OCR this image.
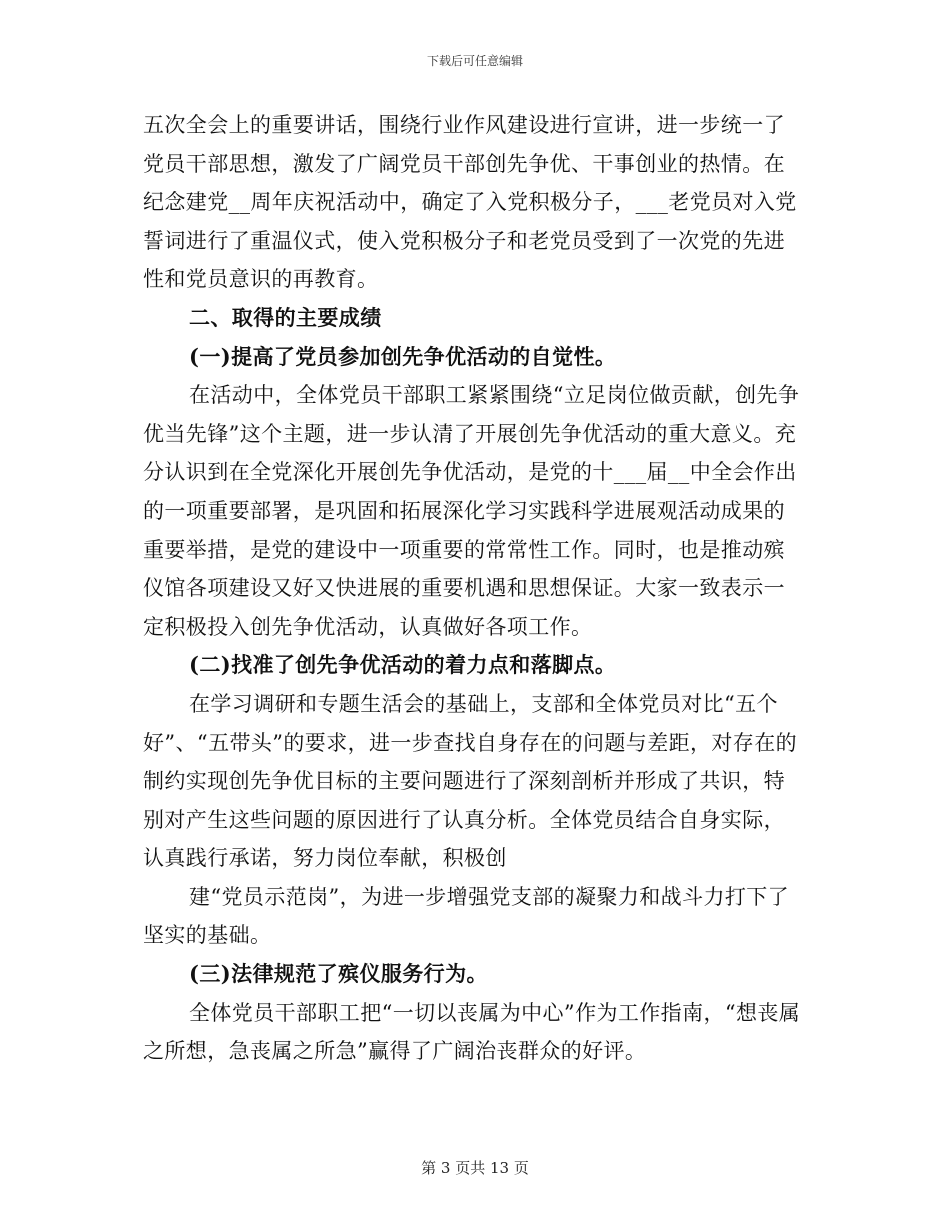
下载后可任意编辑

五次全会上的重要讲话，围绕行业作风建设进行宣讲，进一步统一了党员干部思想，激发了广阔党员干部创先争优、干事创业的热情。在纪念建党__周年庆祝活动中，确定了入党积极分子，___老党员对入党誓词进行了重温仪式，使入党积极分子和老党员受到了一次党的先进性和党员意识的再教育。

二、取得的主要成绩

(一)提高了党员参加创先争优活动的自觉性。

在活动中，全体党员干部职工紧紧围绕“立足岗位做贡献，创先争优当先锋”这个主题，进一步认清了开展创先争优活动的重大意义。充分认识到在全党深化开展创先争优活动，是党的十___届__中全会作出的一项重要部署，是巩固和拓展深化学习实践科学进展观活动成果的重要举措，是党的建设中一项重要的常常性工作。同时，也是推动殡仪馆各项建设又好又快进展的重要机遇和思想保证。大家一致表示一定积极投入创先争优活动，认真做好各项工作。

(二)找准了创先争优活动的着力点和落脚点。

在学习调研和专题生活会的基础上，支部和全体党员对比“五个好”、“五带头”的要求，进一步查找自身存在的问题与差距，对存在的制约实现创先争优目标的主要问题进行了深刻剖析并形成了共识，特别对产生这些问题的原因进行了认真分析。全体党员结合自身实际，认真践行承诺，努力岗位奉献，积极创

建“党员示范岗”，为进一步增强党支部的凝聚力和战斗力打下了坚实的基础。

(三)法律规范了殡仪服务行为。

全体党员干部职工把“一切以丧属为中心”作为工作指南，“想丧属之所想，急丧属之所急”赢得了广阔治丧群众的好评。

第 3 页共 13 页
